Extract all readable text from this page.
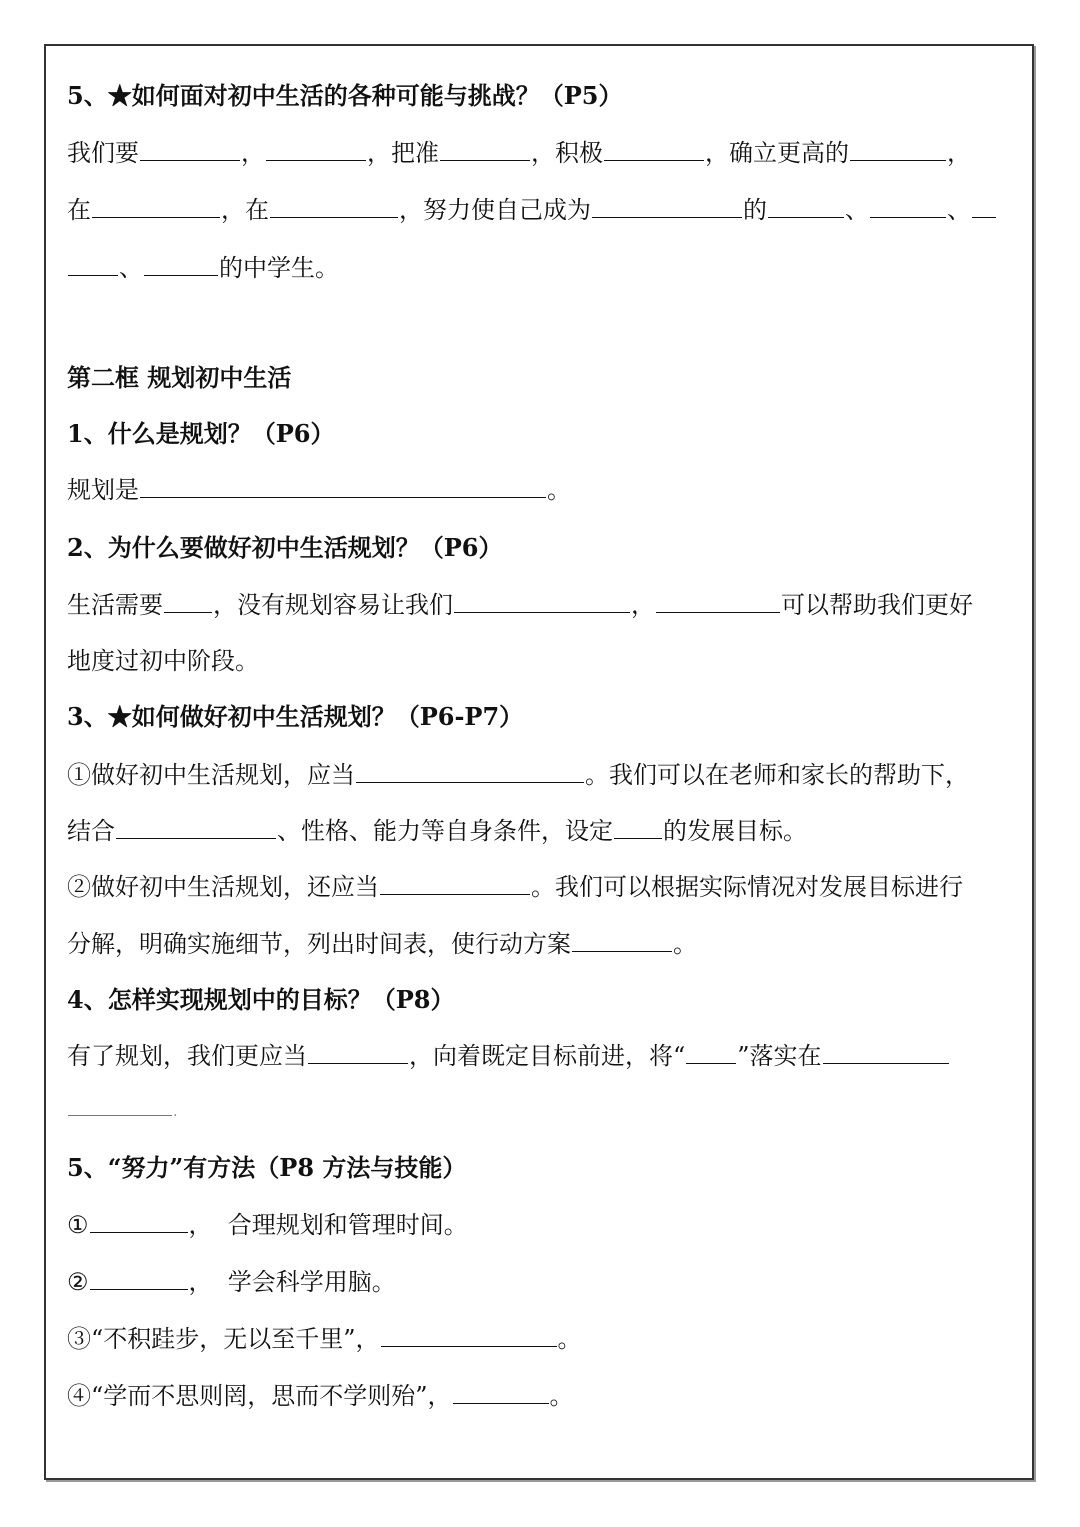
5、★如何面对初中生活的各种可能与挑战？（P5）
我们要	，	，把准	，积极	，确立更高的	，
在	，在	，努力使自己成为	的	、	、
、	的中学生。
第二框 规划初中生活
1、什么是规划？（P6）
规划是	。
2、为什么要做好初中生活规划？（P6）
生活需要 ，没有规划容易让我们	，	可以帮助我们更好
地度过初中阶段。
3、★如何做好初中生活规划？（P6-P7）
①做好初中生活规划，应当	。我们可以在老师和家长的帮助下，
结合	、性格、能力等自身条件，设定 的发展目标。
②做好初中生活规划，还应当	。我们可以根据实际情况对发展目标进行
分解，明确实施细节，列出时间表，使行动方案	。
4、怎样实现规划中的目标？（P8）
有了规划，我们更应当	，向着既定目标前进，将“ ”落实在
.
5、“努力”有方法（P8 方法与技能）
①	，  合理规划和管理时间。
②	，  学会科学用脑。
③“不积跬步，无以至千里”，	。
④“学而不思则罔，思而不学则殆”，	。
